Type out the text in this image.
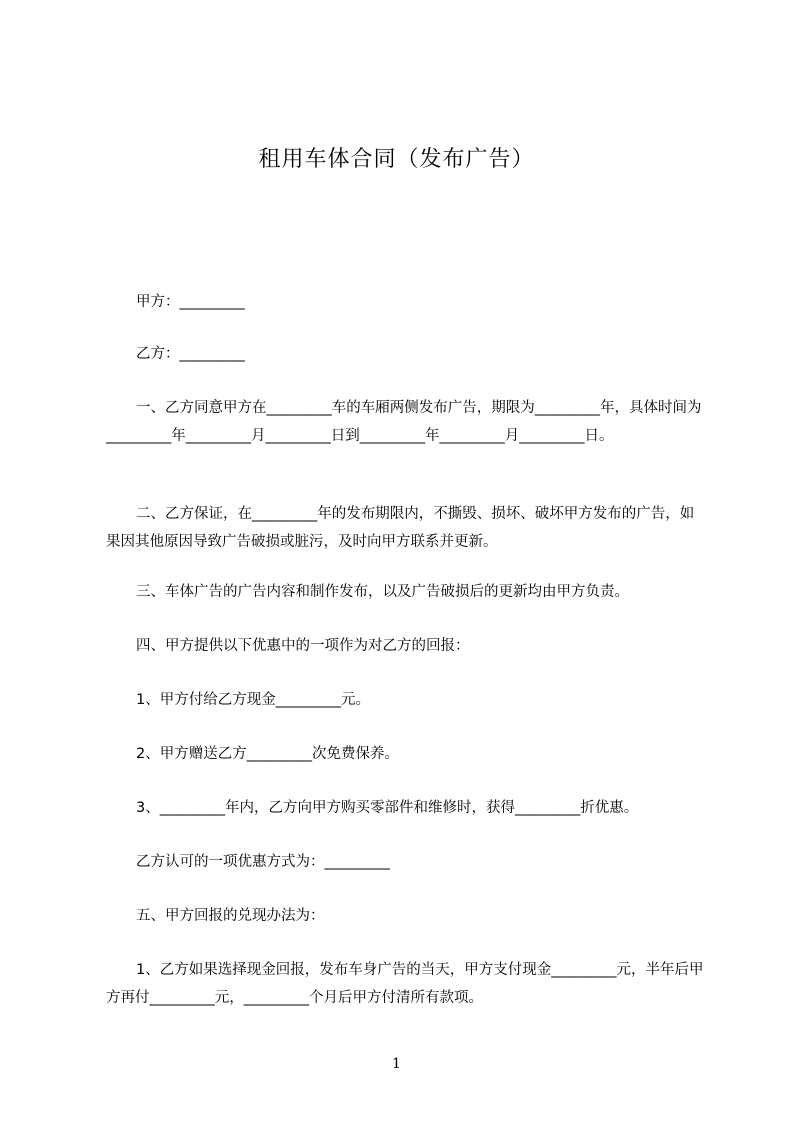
租用车体合同（发布广告）
甲方：_________
乙方：_________
一、乙方同意甲方在_________车的车厢两侧发布广告，期限为_________年，具体时间为_________年_________月_________日到_________年_________月_________日。
二、乙方保证，在_________年的发布期限内，不撕毁、损坏、破坏甲方发布的广告，如果因其他原因导致广告破损或脏污，及时向甲方联系并更新。
三、车体广告的广告内容和制作发布，以及广告破损后的更新均由甲方负责。
四、甲方提供以下优惠中的一项作为对乙方的回报：
1、甲方付给乙方现金_________元。
2、甲方赠送乙方_________次免费保养。
3、_________年内，乙方向甲方购买零部件和维修时，获得_________折优惠。
乙方认可的一项优惠方式为：_________
五、甲方回报的兑现办法为：
1、乙方如果选择现金回报，发布车身广告的当天，甲方支付现金_________元，半年后甲方再付_________元，_________个月后甲方付清所有款项。
1
